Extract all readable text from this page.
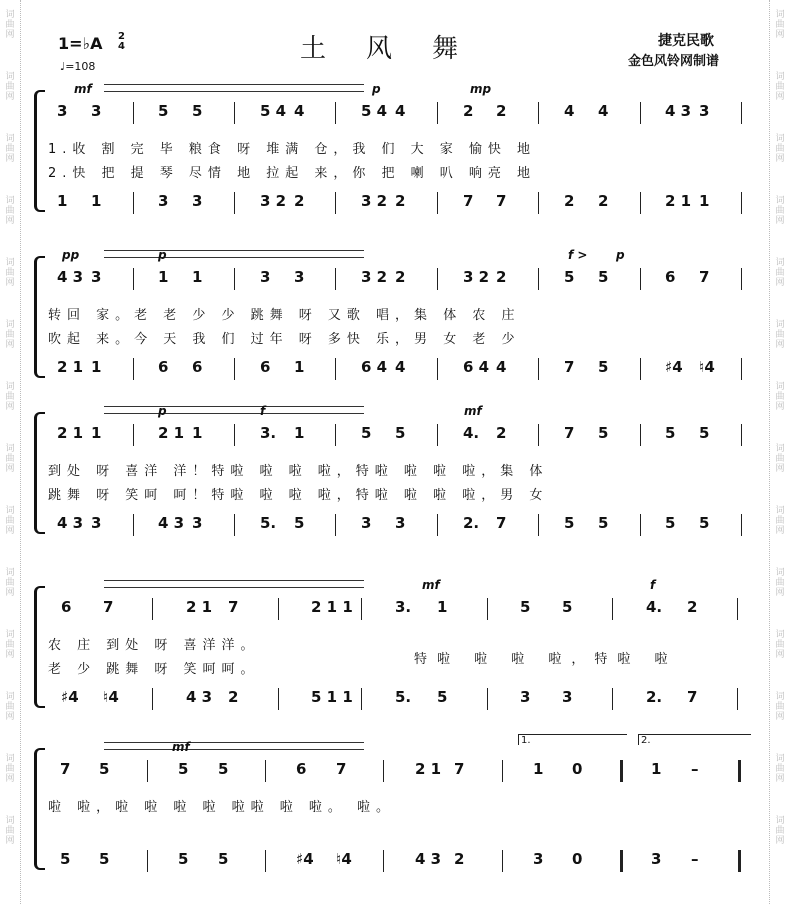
词
曲
网
词
曲
网
词
曲
网
词
曲
网
词
曲
网
词
曲
网
词
曲
网
词
曲
网
词
曲
网
词
曲
网
词
曲
网
词
曲
网
词
曲
网
词
曲
网
词
曲
网
词
曲
网
词
曲
网
词
曲
网
词
曲
网
词
曲
网
词
曲
网
词
曲
网
词
曲
网
词
曲
网
词
曲
网
词
曲
网
词
曲
网
词
曲
网
1=♭A 2
4
♩=108
土风舞	捷克民歌
金色风铃网制谱
mf	p	mp
3 3	5 5	5 4 4	5 4 4	2 2	4 4	4 3 3
1.收 割 完 毕 粮食 呀 堆满 仓，我 们 大 家 愉快 地
2.快 把 提 琴 尽情 地 拉起 来，你 把 喇 叭 响亮 地
1 1	3 3	3 2 2	3 2 2	7 7	2 2	2 1 1
pp	p	f > p
4 3 3	1 1	3 3	3 2 2	3 2 2	5 5	6 7
转回 家。老 老 少 少 跳舞 呀 又歌 唱，集 体 农 庄
吹起 来。今 天 我 们 过年 呀 多快 乐，男 女 老 少
2 1 1	6 6	6 1	6 4 4	6 4 4	7 5	♯4 ♮4
p	f	mf
2 1 1	2 1 1	3. 1	5 5	4. 2	7 5	5 5
到处 呀 喜洋 洋！特啦 啦 啦 啦，特啦 啦 啦 啦，集 体
跳舞 呀 笑呵 呵！特啦 啦 啦 啦，特啦 啦 啦 啦，男 女
4 3 3	4 3 3	5. 5	3 3	2. 7	5 5	5 5
mf	f
6 7	2 1 7	2 1 1	3. 1	5 5	4. 2
农 庄 到处 呀 喜洋洋。
老 少 跳舞 呀 笑呵呵。
特啦 啦 啦 啦，特啦 啦
♯4 ♮4	4 3 2	5 1 1	5. 5	3 3	2. 7
mf	1.	2.
7 5	5 5	6 7	2 1 7	1 0	1 –
啦 啦，啦 啦 啦 啦 啦啦 啦 啦。 啦。
5 5	5 5	♯4 ♮4	4 3 2	3 0	3 –
